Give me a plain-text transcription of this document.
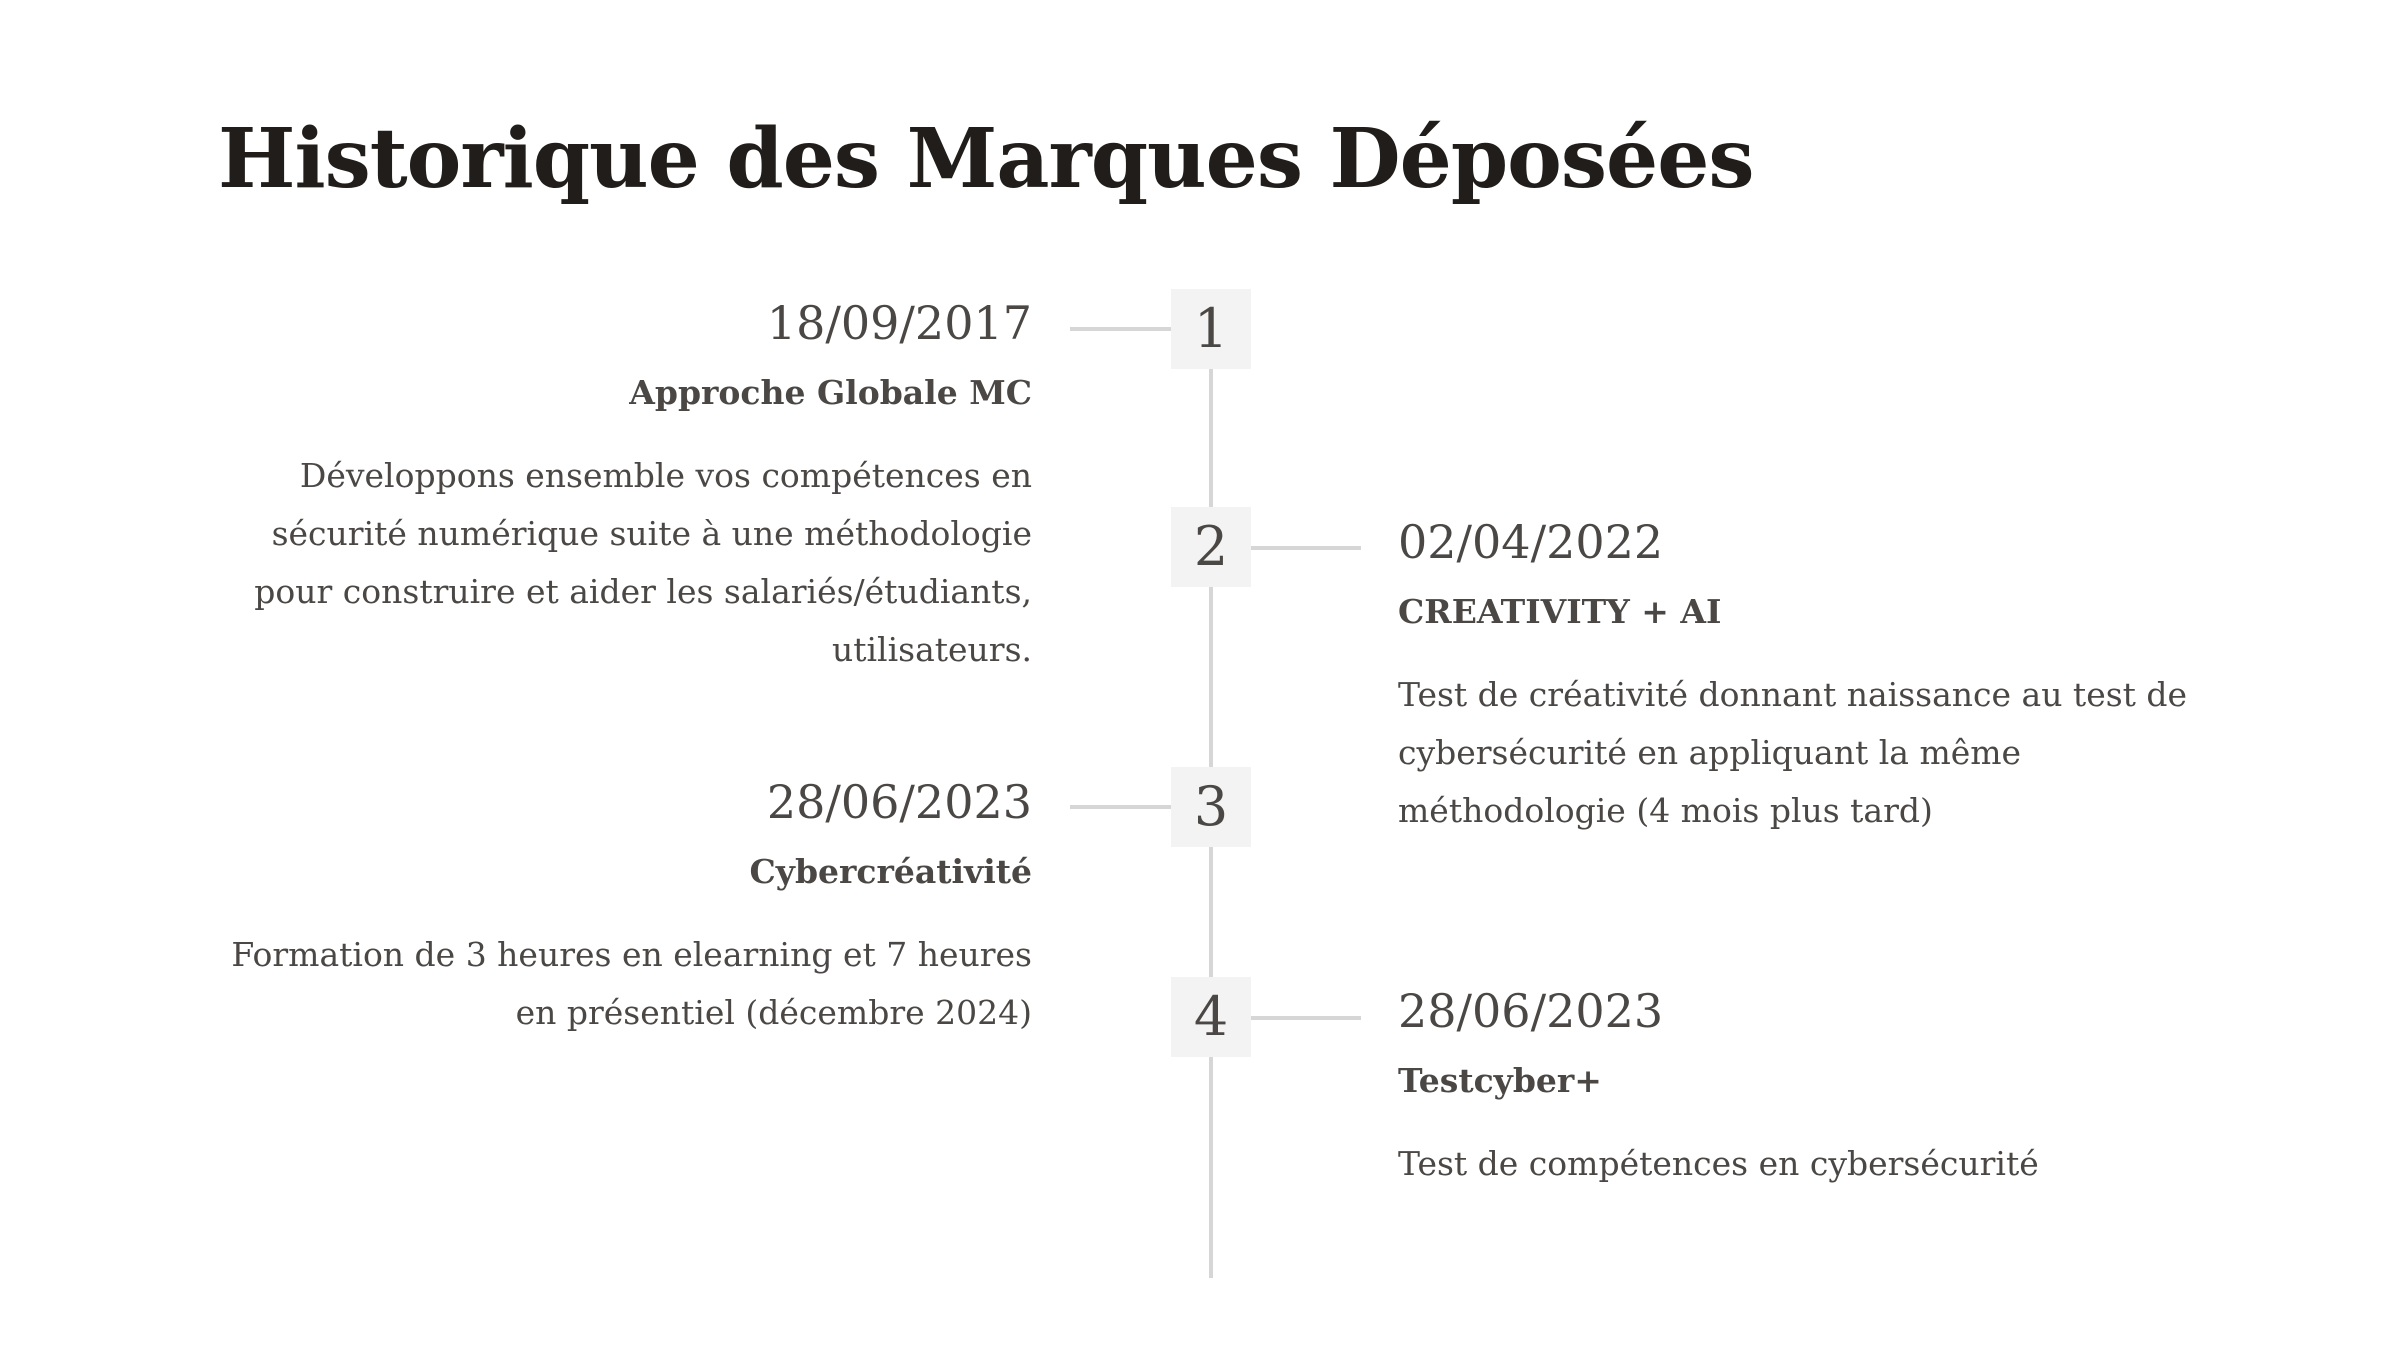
Historique des Marques Déposées
1
18/09/2017
Approche Globale MC
Développons ensemble vos compétences en sécurité numérique suite à une méthodologie pour construire et aider les salariés/étudiants, utilisateurs.
2	02/04/2022
CREATIVITY + AI
Test de créativité donnant naissance au test de cybersécurité en appliquant la même méthodologie (4 mois plus tard)
3
28/06/2023
Cybercréativité
Formation de 3 heures en elearning et 7 heures en présentiel (décembre 2024)	4	28/06/2023
Testcyber+
Test de compétences en cybersécurité
